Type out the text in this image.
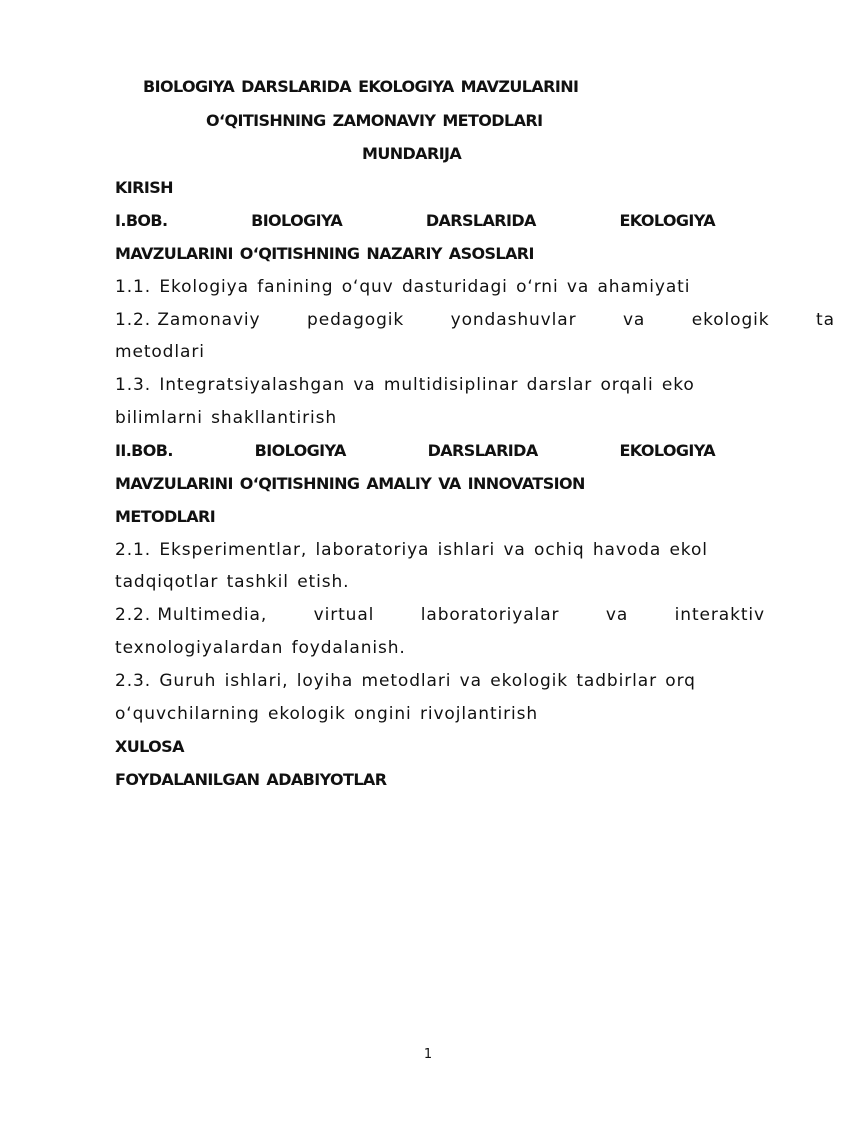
BIOLOGIYA DARSLARIDA EKOLOGIYA MAVZULARINI
O‘QITISHNING ZAMONAVIY METODLARI
MUNDARIJA
KIRISH
I.BOB.	BIOLOGIYA	DARSLARIDA	EKOLOGIYA
MAVZULARINI O‘QITISHNING NAZARIY ASOSLARI
1.1. Ekologiya fanining o‘quv dasturidagi o‘rni va ahamiyati
1.2. Zamonaviy	pedagogik	yondashuvlar	va	ekologik	ta
metodlari
1.3. Integratsiyalashgan va multidisiplinar darslar orqali eko
bilimlarni shakllantirish
II.BOB.	BIOLOGIYA	DARSLARIDA	EKOLOGIYA
MAVZULARINI O‘QITISHNING AMALIY VA INNOVATSION
METODLARI
2.1. Eksperimentlar, laboratoriya ishlari va ochiq havoda ekol
tadqiqotlar tashkil etish.
2.2. Multimedia,	virtual	laboratoriyalar	va	interaktiv
texnologiyalardan foydalanish.
2.3. Guruh ishlari, loyiha metodlari va ekologik tadbirlar orq
o‘quvchilarning ekologik ongini rivojlantirish
XULOSA
FOYDALANILGAN ADABIYOTLAR
1
